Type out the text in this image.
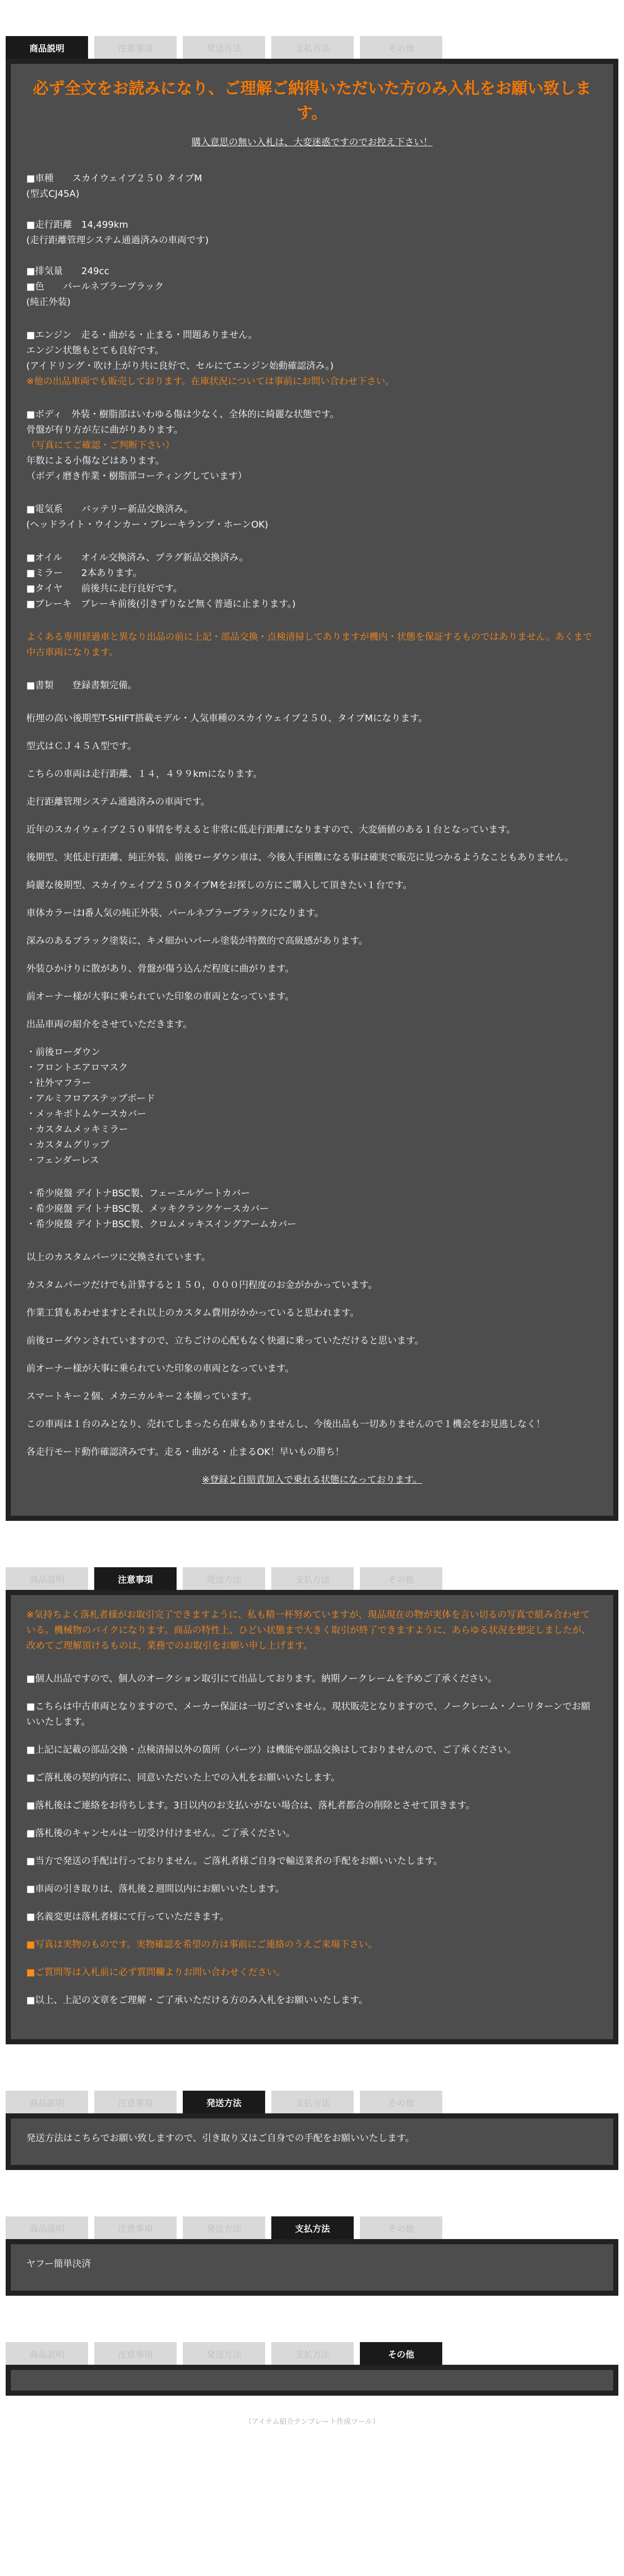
商品説明	注意事項	発送方法	支払方法	その他

必ず全文をお読みになり、ご理解ご納得いただいた方のみ入札をお願い致します。

購入意思の無い入札は、大変迷惑ですのでお控え下さい！

■車種　　スカイウェイブ２５０ タイプM

(型式CJ45A)

■走行距離　14,499km

(走行距離管理システム通過済みの車両です)

■排気量　　249cc

■色　　パールネブラーブラック

(純正外装)

■エンジン　走る・曲がる・止まる・問題ありません。

エンジン状態もとても良好です。

(アイドリング・吹け上がり共に良好で、セルにてエンジン始動確認済み。)

※他の出品車両でも販売しております。在庫状況については事前にお問い合わせ下さい。

■ボディ　外装・樹脂部はいわゆる傷は少なく、全体的に綺麗な状態です。

骨盤が有り方が左に曲がりあります。

（写真にてご確認・ご判断下さい）

年数による小傷などはあります。

（ボディ磨き作業・樹脂部コーティングしています）

■電気系　　バッテリー新品交換済み。

(ヘッドライト・ウインカー・ブレーキランプ・ホーンOK)

■オイル　　オイル交換済み、プラグ新品交換済み。

■ミラー　　2本あります。

■タイヤ　　前後共に走行良好です。

■ブレーキ　ブレーキ前後(引きずりなど無く普通に止まります。)

よくある専用経過車と異なり出品の前に上記・部品交換・点検清掃してありますが機内・状態を保証するものではありません。あくまで中古車両になります。

■書類　　登録書類完備。

桁埋の高い後期型T-SHIFT搭載モデル・人気車種のスカイウェイブ２５０、タイプMになります。

型式はＣＪ４５Ａ型です。

こちらの車両は走行距離、１４，４９９kmになります。

走行距離管理システム通過済みの車両です。

近年のスカイウェイブ２５０事情を考えると非常に低走行距離になりますので、大変価値のある１台となっています。

後期型、実低走行距離、純正外装、前後ローダウン車は、今後入手困難になる事は確実で販売に見つかるようなこともありません。

綺麗な後期型、スカイウェイブ２５０タイプMをお探しの方にご購入して頂きたい１台です。

車体カラーはⅠ番人気の純正外装、パールネブラーブラックになります。

深みのあるブラック塗装に、キメ細かいパール塗装が特徴的で高級感があります。

外装ひかけりに散があり、骨盤が傷う込んだ程度に曲がります。

前オーナー様が大事に乗られていた印象の車両となっています。

出品車両の紹介をさせていただきます。

・前後ローダウン

・フロントエアロマスク

・社外マフラー

・アルミフロアステップボード

・メッキボトムケースカバー

・カスタムメッキミラー

・カスタムグリップ

・フェンダーレス

・希少廃盤 デイトナBSC製、フェーエルゲートカバー

・希少廃盤 デイトナBSC製、メッキクランクケースカバー

・希少廃盤 デイトナBSC製、クロムメッキスイングアームカバー

以上のカスタムパーツに交換されています。

カスタムパーツだけでも計算すると１５０，０００円程度のお金がかかっています。

作業工賃もあわせますとそれ以上のカスタム費用がかかっていると思われます。

前後ローダウンされていますので、立ちごけの心配もなく快適に乗っていただけると思います。

前オーナー様が大事に乗られていた印象の車両となっています。

スマートキー２個、メカニカルキー２本揃っています。

この車両は１台のみとなり、売れてしまったら在庫もありませんし、今後出品も一切ありませんので１機会をお見逃しなく！

各走行モード動作確認済みです。走る・曲がる・止まるOK！早いもの勝ち！

※登録と自賠責加入で乗れる状態になっております。

商品説明	注意事項	発送方法	支払方法	その他

※気持ちよく落札者様がお取引完了できますように、私も精一杯努めていますが、現品現在の物が実体を言い切るの写真で組み合わせている。機械物のバイクになります。商品の特性上、ひどい状態まで大きく取引が終了できますように、あらゆる状況を想定しましたが、改めてご理解頂けるものは、業務でのお取引をお願い申し上げます。

■個人出品ですので、個人のオークション取引にて出品しております。納期ノークレームを予めご了承ください。

■こちらは中古車両となりますので、メーカー保証は一切ございません。現状販売となりますので、ノークレーム・ノーリターンでお願いいたします。

■上記に記載の部品交換・点検清掃以外の箇所（パーツ）は機能や部品交換はしておりませんので、ご了承ください。

■ご落札後の契約内容に、同意いただいた上での入札をお願いいたします。

■落札後はご連絡をお待ちします。3日以内のお支払いがない場合は、落札者都合の削除とさせて頂きます。

■落札後のキャンセルは一切受け付けません。ご了承ください。

■当方で発送の手配は行っておりません。ご落札者様ご自身で輸送業者の手配をお願いいたします。

■車両の引き取りは、落札後２週間以内にお願いいたします。

■名義変更は落札者様にて行っていただきます。

■写真は実物のものです。実物確認を希望の方は事前にご連絡のうえご来場下さい。

■ご質問等は入札前に必ず質問欄よりお問い合わせください。

■以上、上記の文章をご理解・ご了承いただける方のみ入札をお願いいたします。

商品説明	注意事項	発送方法	支払方法	その他

発送方法はこちらでお願い致しますので、引き取り又はご自身での手配をお願いいたします。

商品説明	注意事項	発送方法	支払方法	その他

ヤフー簡単決済

商品説明	注意事項	発送方法	支払方法	その他
（アイテム紹介テンプレート作成ツール）
